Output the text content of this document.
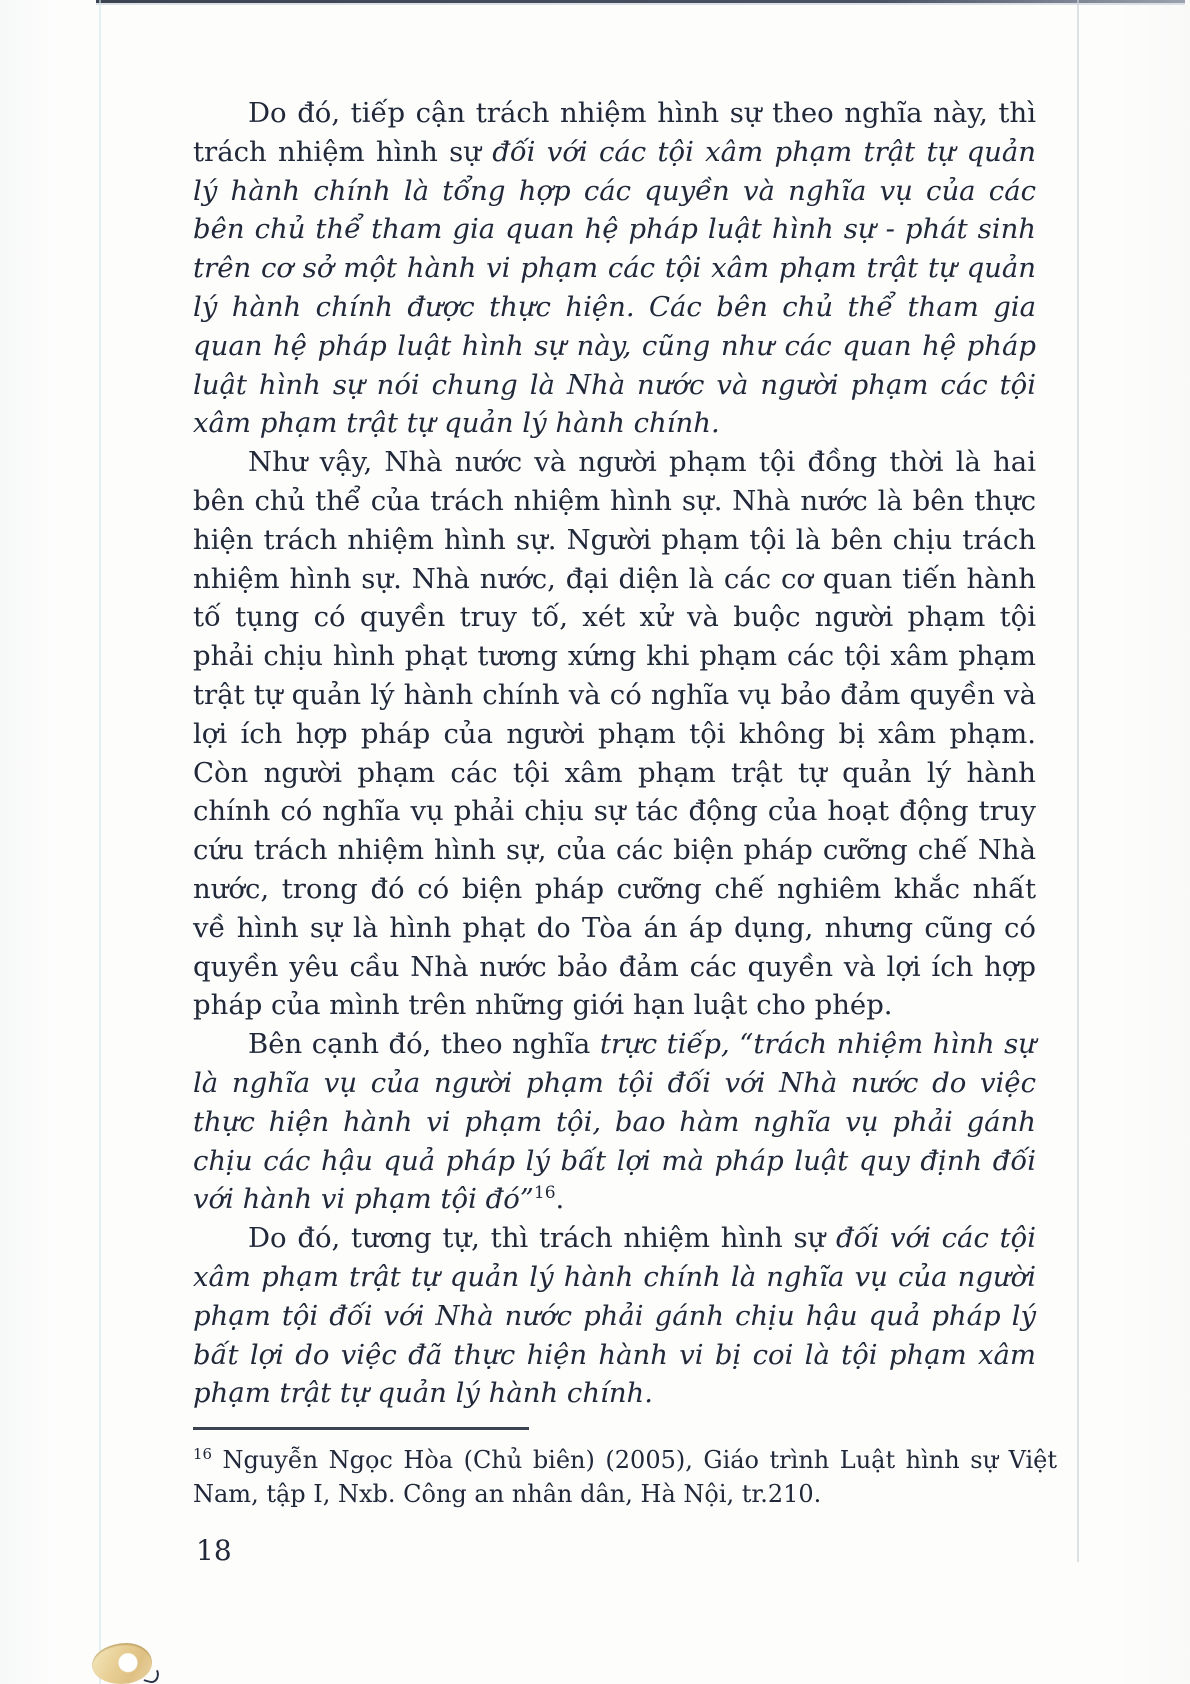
Do đó, tiếp cận trách nhiệm hình sự theo nghĩa này, thì trách nhiệm hình sự đối với các tội xâm phạm trật tự quản lý hành chính là tổng hợp các quyền và nghĩa vụ của các bên chủ thể tham gia quan hệ pháp luật hình sự - phát sinh trên cơ sở một hành vi phạm các tội xâm phạm trật tự quản lý hành chính được thực hiện. Các bên chủ thể tham gia quan hệ pháp luật hình sự này, cũng như các quan hệ pháp luật hình sự nói chung là Nhà nước và người phạm các tội xâm phạm trật tự quản lý hành chính.

Như vậy, Nhà nước và người phạm tội đồng thời là hai bên chủ thể của trách nhiệm hình sự. Nhà nước là bên thực hiện trách nhiệm hình sự. Người phạm tội là bên chịu trách nhiệm hình sự. Nhà nước, đại diện là các cơ quan tiến hành tố tụng có quyền truy tố, xét xử và buộc người phạm tội phải chịu hình phạt tương xứng khi phạm các tội xâm phạm trật tự quản lý hành chính và có nghĩa vụ bảo đảm quyền và lợi ích hợp pháp của người phạm tội không bị xâm phạm. Còn người phạm các tội xâm phạm trật tự quản lý hành chính có nghĩa vụ phải chịu sự tác động của hoạt động truy cứu trách nhiệm hình sự, của các biện pháp cưỡng chế Nhà nước, trong đó có biện pháp cưỡng chế nghiêm khắc nhất về hình sự là hình phạt do Tòa án áp dụng, nhưng cũng có quyền yêu cầu Nhà nước bảo đảm các quyền và lợi ích hợp pháp của mình trên những giới hạn luật cho phép.

Bên cạnh đó, theo nghĩa trực tiếp, “trách nhiệm hình sự là nghĩa vụ của người phạm tội đối với Nhà nước do việc thực hiện hành vi phạm tội, bao hàm nghĩa vụ phải gánh chịu các hậu quả pháp lý bất lợi mà pháp luật quy định đối với hành vi phạm tội đó”$^{16}$.

Do đó, tương tự, thì trách nhiệm hình sự đối với các tội xâm phạm trật tự quản lý hành chính là nghĩa vụ của người phạm tội đối với Nhà nước phải gánh chịu hậu quả pháp lý bất lợi do việc đã thực hiện hành vi bị coi là tội phạm xâm phạm trật tự quản lý hành chính.

$^{16}$ Nguyễn Ngọc Hòa (Chủ biên) (2005), Giáo trình Luật hình sự Việt Nam, tập I, Nxb. Công an nhân dân, Hà Nội, tr.210.
18
